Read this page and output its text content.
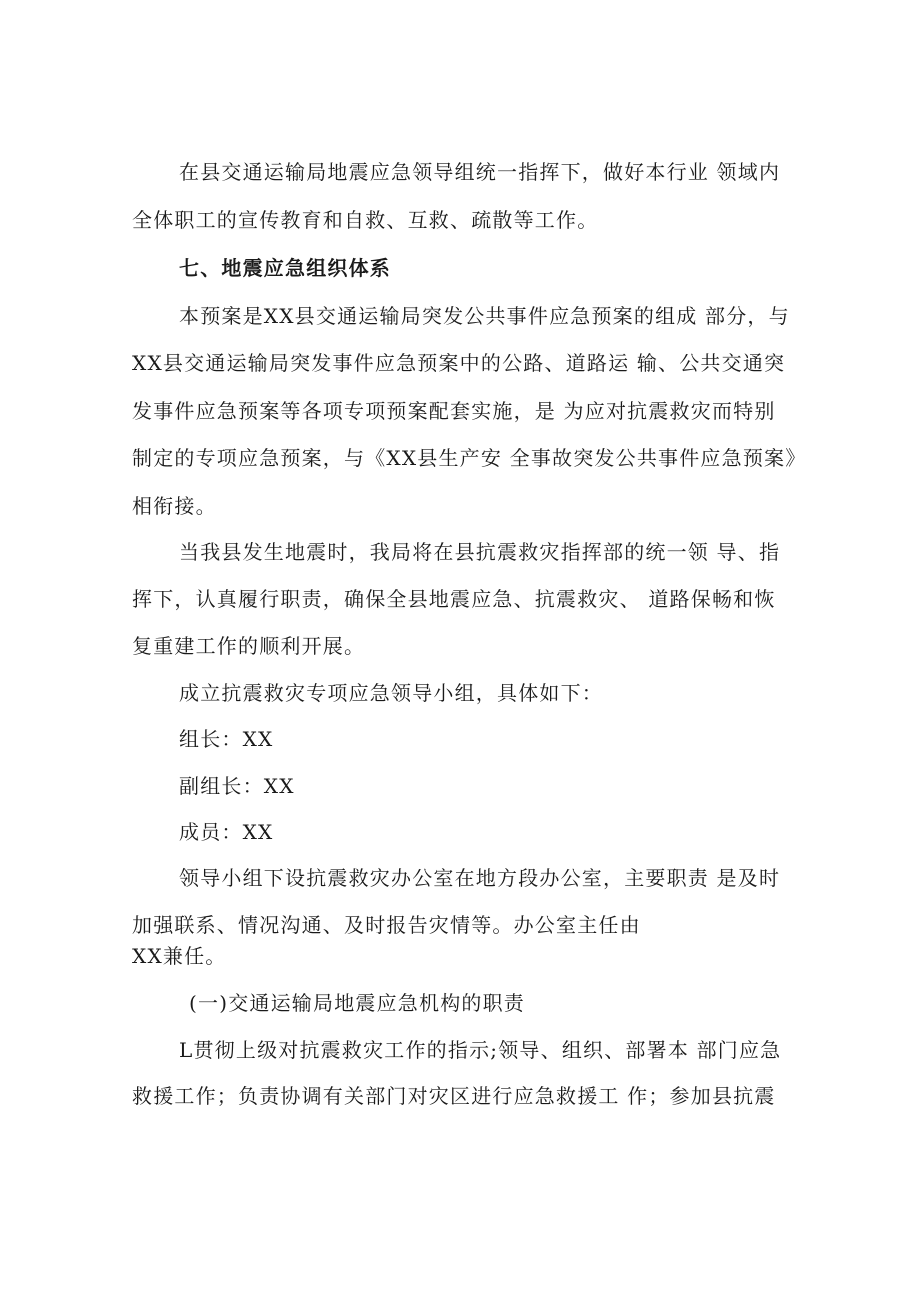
在县交通运输局地震应急领导组统一指挥下，做好本行业 领域内
全体职工的宣传教育和自救、互救、疏散等工作。
七、地震应急组织体系
本预案是XX县交通运输局突发公共事件应急预案的组成 部分，与
XX县交通运输局突发事件应急预案中的公路、道路运 输、公共交通突
发事件应急预案等各项专项预案配套实施，是 为应对抗震救灾而特别
制定的专项应急预案，与《XX县生产安 全事故突发公共事件应急预案》
相衔接。
当我县发生地震时，我局将在县抗震救灾指挥部的统一领 导、指
挥下，认真履行职责，确保全县地震应急、抗震救灾、 道路保畅和恢
复重建工作的顺利开展。
成立抗震救灾专项应急领导小组，具体如下：
组长：XX
副组长：XX
成员：XX
领导小组下设抗震救灾办公室在地方段办公室，主要职责 是及时
加强联系、情况沟通、及时报告灾情等。办公室主任由
XX兼任。
(一)交通运输局地震应急机构的职责
L贯彻上级对抗震救灾工作的指示;领导、组织、部署本 部门应急
救援工作；负责协调有关部门对灾区进行应急救援工 作；参加县抗震
